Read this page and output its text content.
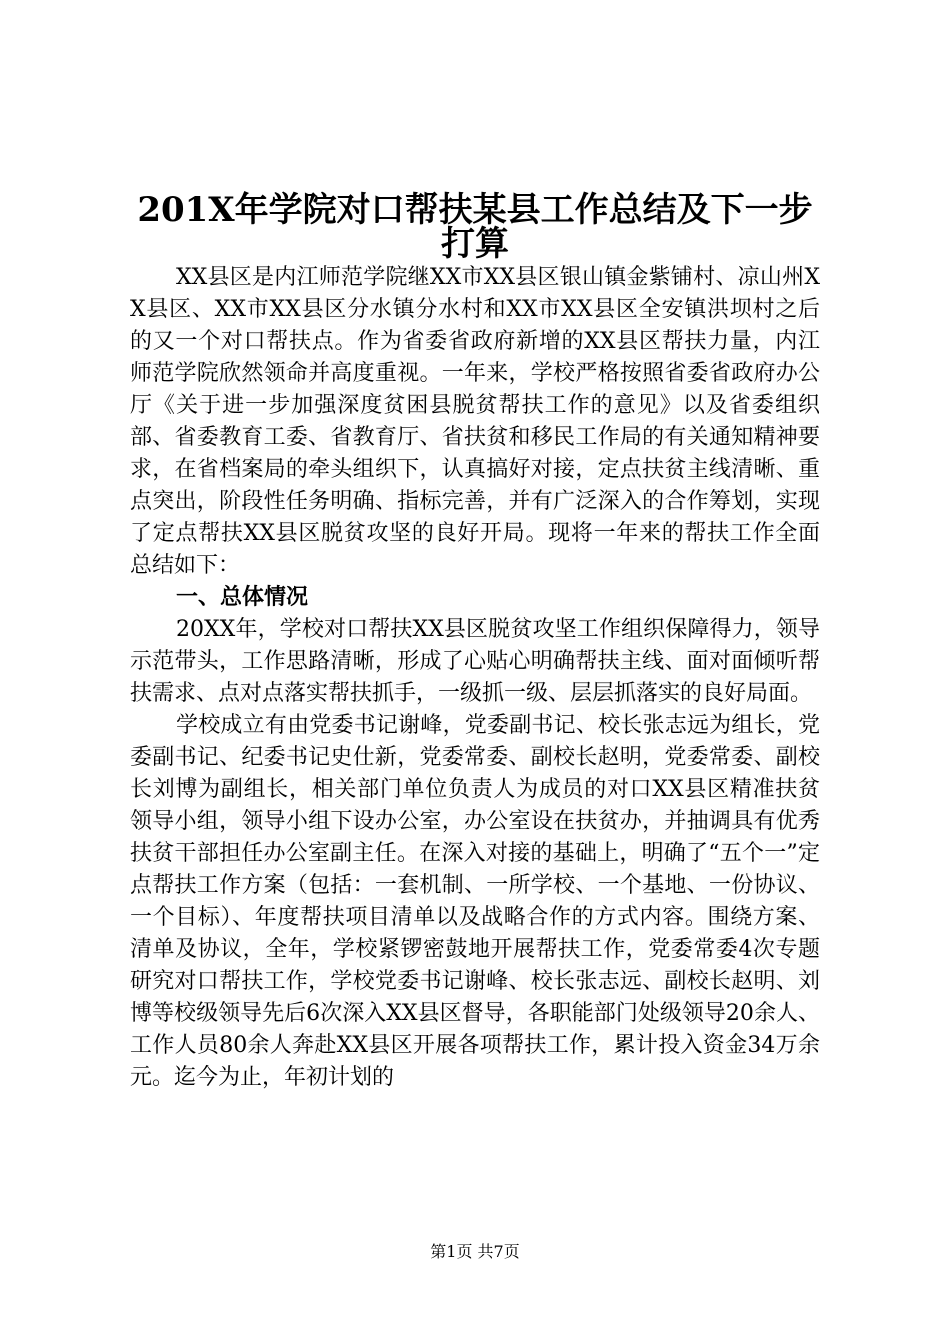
201X年学院对口帮扶某县工作总结及下一步
打算

XX县区是内江师范学院继XX市XX县区银山镇金紫铺村、凉山州XX县区、XX市XX县区分水镇分水村和XX市XX县区全安镇洪坝村之后的又一个对口帮扶点。作为省委省政府新增的XX县区帮扶力量，内江师范学院欣然领命并高度重视。一年来，学校严格按照省委省政府办公厅《关于进一步加强深度贫困县脱贫帮扶工作的意见》以及省委组织部、省委教育工委、省教育厅、省扶贫和移民工作局的有关通知精神要求，在省档案局的牵头组织下，认真搞好对接，定点扶贫主线清晰、重点突出，阶段性任务明确、指标完善，并有广泛深入的合作筹划，实现了定点帮扶XX县区脱贫攻坚的良好开局。现将一年来的帮扶工作全面总结如下：

一、总体情况

20XX年，学校对口帮扶XX县区脱贫攻坚工作组织保障得力，领导示范带头，工作思路清晰，形成了心贴心明确帮扶主线、面对面倾听帮扶需求、点对点落实帮扶抓手，一级抓一级、层层抓落实的良好局面。

学校成立有由党委书记谢峰，党委副书记、校长张志远为组长，党委副书记、纪委书记史仕新，党委常委、副校长赵明，党委常委、副校长刘博为副组长，相关部门单位负责人为成员的对口XX县区精准扶贫领导小组，领导小组下设办公室，办公室设在扶贫办，并抽调具有优秀扶贫干部担任办公室副主任。在深入对接的基础上，明确了“五个一”定点帮扶工作方案（包括：一套机制、一所学校、一个基地、一份协议、一个目标）、年度帮扶项目清单以及战略合作的方式内容。围绕方案、清单及协议，全年，学校紧锣密鼓地开展帮扶工作，党委常委4次专题研究对口帮扶工作，学校党委书记谢峰、校长张志远、副校长赵明、刘博等校级领导先后6次深入XX县区督导，各职能部门处级领导20余人、工作人员80余人奔赴XX县区开展各项帮扶工作，累计投入资金34万余元。迄今为止，年初计划的

第1页 共7页
